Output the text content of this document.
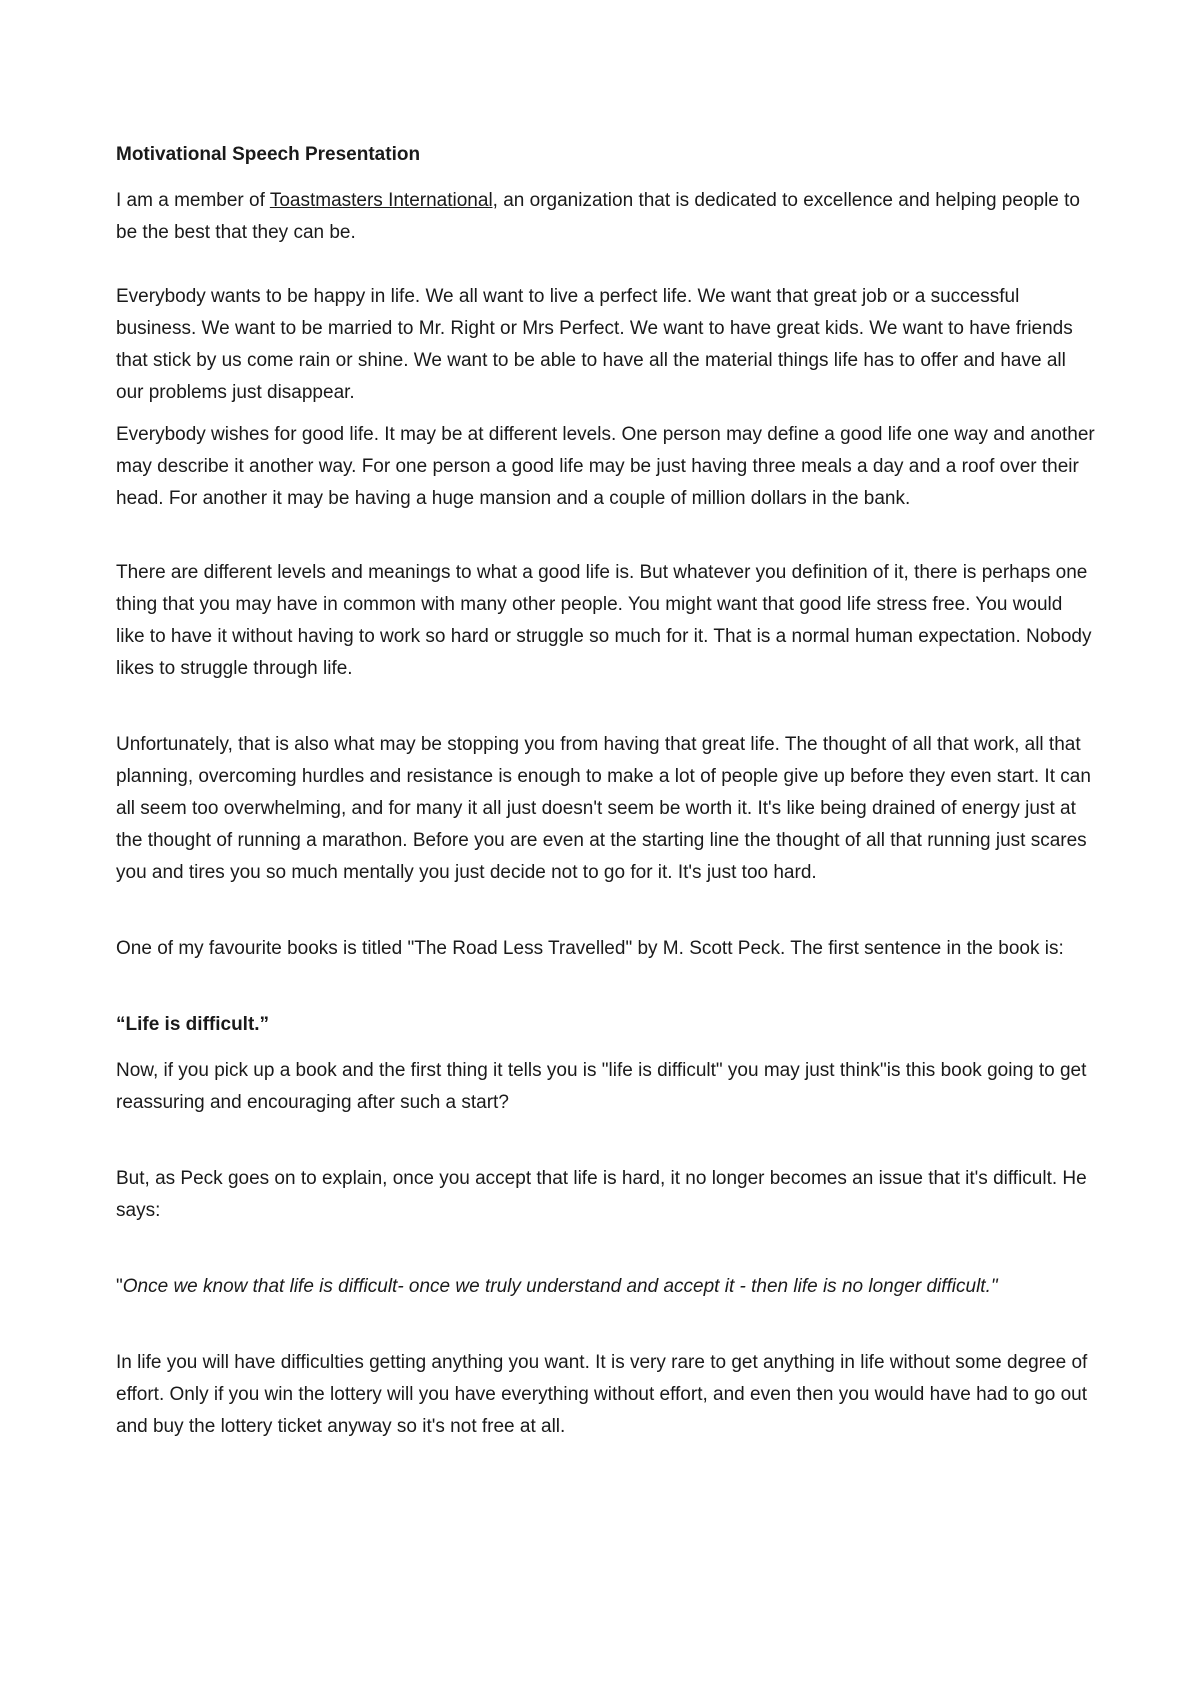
Motivational Speech Presentation

I am a member of Toastmasters International, an organization that is dedicated to excellence and helping people to be the best that they can be.

Everybody wants to be happy in life. We all want to live a perfect life. We want that great job or a successful business. We want to be married to Mr. Right or Mrs Perfect. We want to have great kids. We want to have friends that stick by us come rain or shine. We want to be able to have all the material things life has to offer and have all our problems just disappear.

Everybody wishes for good life. It may be at different levels. One person may define a good life one way and another may describe it another way. For one person a good life may be just having three meals a day and a roof over their head. For another it may be having a huge mansion and a couple of million dollars in the bank.

There are different levels and meanings to what a good life is. But whatever you definition of it, there is perhaps one thing that you may have in common with many other people. You might want that good life stress free. You would like to have it without having to work so hard or struggle so much for it. That is a normal human expectation. Nobody likes to struggle through life.

Unfortunately, that is also what may be stopping you from having that great life. The thought of all that work, all that planning, overcoming hurdles and resistance is enough to make a lot of people give up before they even start. It can all seem too overwhelming, and for many it all just doesn't seem be worth it. It's like being drained of energy just at the thought of running a marathon. Before you are even at the starting line the thought of all that running just scares you and tires you so much mentally you just decide not to go for it. It's just too hard.

One of my favourite books is titled "The Road Less Travelled" by M. Scott Peck. The first sentence in the book is:

“Life is difficult.”

Now, if you pick up a book and the first thing it tells you is "life is difficult" you may just think"is this book going to get reassuring and encouraging after such a start?

But, as Peck goes on to explain, once you accept that life is hard, it no longer becomes an issue that it's difficult. He says:

"Once we know that life is difficult- once we truly understand and accept it - then life is no longer difficult."

In life you will have difficulties getting anything you want. It is very rare to get anything in life without some degree of effort. Only if you win the lottery will you have everything without effort, and even then you would have had to go out and buy the lottery ticket anyway so it's not free at all.
